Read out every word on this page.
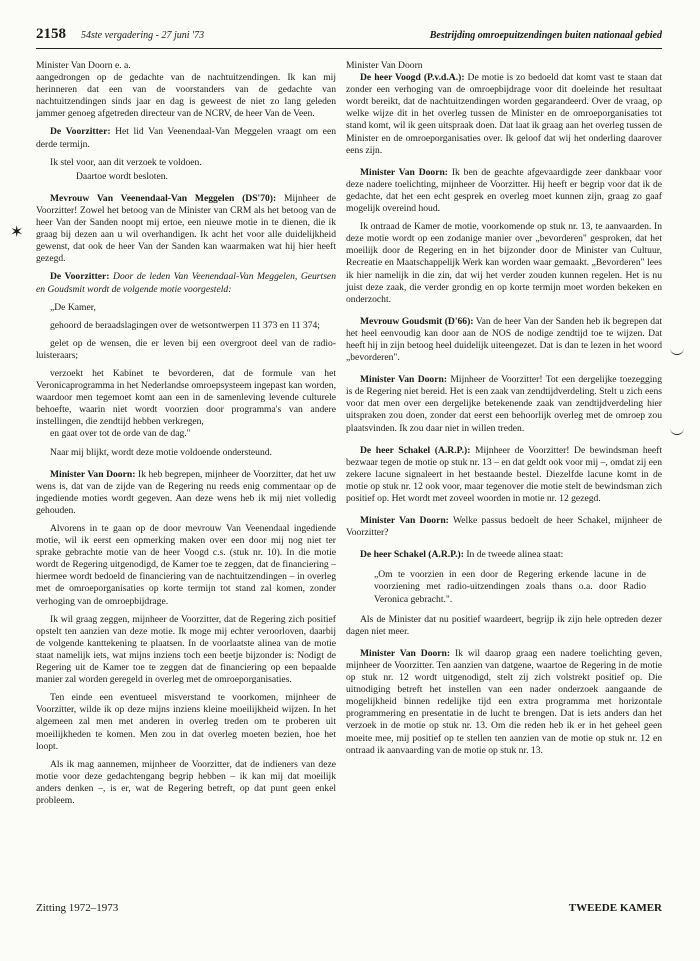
2158 54ste vergadering - 27 juni '73	Bestrijding omroepuitzendingen buiten nationaal gebied
✶

Minister Van Doorn e. a.

aangedrongen op de gedachte van de nachtuitzendingen. Ik kan mij herinneren dat een van de voorstanders van de gedachte van nachtuitzendingen sinds jaar en dag is geweest de niet zo lang geleden jammer genoeg afgetreden directeur van de NCRV, de heer Van de Veen.

De Voorzitter: Het lid Van Veenendaal-Van Meggelen vraagt om een derde termijn.

Ik stel voor, aan dit verzoek te voldoen.

Daartoe wordt besloten.

Mevrouw Van Veenendaal-Van Meggelen (DS'70): Mijnheer de Voorzitter! Zowel het betoog van de Minister van CRM als het betoog van de heer Van der Sanden noopt mij ertoe, een nieuwe motie in te dienen, die ik graag bij dezen aan u wil overhandigen. Ik acht het voor alle duidelijkheid gewenst, dat ook de heer Van der Sanden kan waarmaken wat hij hier heeft gezegd.

De Voorzitter: Door de leden Van Veenendaal-Van Meggelen, Geurtsen en Goudsmit wordt de volgende motie voorgesteld:

„De Kamer,

gehoord de beraadslagingen over de wetsontwerpen 11 373 en 11 374;

gelet op de wensen, die er leven bij een overgroot deel van de radio-luisteraars;

verzoekt het Kabinet te bevorderen, dat de formule van het Veronicaprogramma in het Nederlandse omroepsysteem ingepast kan worden, waardoor men tegemoet komt aan een in de samenleving levende culturele behoefte, waarin niet wordt voorzien door programma's van andere instellingen, die zendtijd hebben verkregen,

en gaat over tot de orde van de dag."

Naar mij blijkt, wordt deze motie voldoende ondersteund.

Minister Van Doorn: Ik heb begrepen, mijnheer de Voorzitter, dat het uw wens is, dat van de zijde van de Regering nu reeds enig commentaar op de ingediende moties wordt gegeven. Aan deze wens heb ik mij niet volledig gehouden.

Alvorens in te gaan op de door mevrouw Van Veenendaal ingediende motie, wil ik eerst een opmerking maken over een door mij nog niet ter sprake gebrachte motie van de heer Voogd c.s. (stuk nr. 10). In die motie wordt de Regering uitgenodigd, de Kamer toe te zeggen, dat de financiering – hiermee wordt bedoeld de financiering van de nachtuitzendingen – in overleg met de omroeporganisaties op korte termijn tot stand zal komen, zonder verhoging van de omroepbijdrage.

Ik wil graag zeggen, mijnheer de Voorzitter, dat de Regering zich positief opstelt ten aanzien van deze motie. Ik moge mij echter veroorloven, daarbij de volgende kanttekening te plaatsen. In de voorlaatste alinea van de motie staat namelijk iets, wat mijns inziens toch een beetje bijzonder is: Nodigt de Regering uit de Kamer toe te zeggen dat de financiering op een bepaalde manier zal worden geregeld in overleg met de omroeporganisaties.

Ten einde een eventueel misverstand te voorkomen, mijnheer de Voorzitter, wilde ik op deze mijns inziens kleine moeilijkheid wijzen. In het algemeen zal men met anderen in overleg treden om te proberen uit moeilijkheden te komen. Men zou in dat overleg moeten bezien, hoe het loopt.

Als ik mag aannemen, mijnheer de Voorzitter, dat de indieners van deze motie voor deze gedachtengang begrip hebben – ik kan mij dat moeilijk anders denken –, is er, wat de Regering betreft, op dat punt geen enkel probleem.

Minister Van Doorn

De heer Voogd (P.v.d.A.): De motie is zo bedoeld dat komt vast te staan dat zonder een verhoging van de omroepbijdrage voor dit doeleinde het resultaat wordt bereikt, dat de nachtuitzendingen worden gegarandeerd. Over de vraag, op welke wijze dit in het overleg tussen de Minister en de omroeporganisaties tot stand komt, wil ik geen uitspraak doen. Dat laat ik graag aan het overleg tussen de Minister en de omroeporganisaties over. Ik geloof dat wij het onderling daarover eens zijn.

Minister Van Doorn: Ik ben de geachte afgevaardigde zeer dankbaar voor deze nadere toelichting, mijnheer de Voorzitter. Hij heeft er begrip voor dat ik de gedachte, dat het een echt gesprek en overleg moet kunnen zijn, graag zo gaaf mogelijk overeind houd.

Ik ontraad de Kamer de motie, voorkomende op stuk nr. 13, te aanvaarden. In deze motie wordt op een zodanige manier over „bevorderen" gesproken, dat het moeilijk door de Regering en in het bijzonder door de Minister van Cultuur, Recreatie en Maatschappelijk Werk kan worden waar gemaakt. „Bevorderen" lees ik hier namelijk in die zin, dat wij het verder zouden kunnen regelen. Het is nu juist deze zaak, die verder grondig en op korte termijn moet worden bekeken en onderzocht.

Mevrouw Goudsmit (D'66): Van de heer Van der Sanden heb ik begrepen dat het heel eenvoudig kan door aan de NOS de nodige zendtijd toe te wijzen. Dat heeft hij in zijn betoog heel duidelijk uiteengezet. Dat is dan te lezen in het woord „bevorderen".

Minister Van Doorn: Mijnheer de Voorzitter! Tot een dergelijke toezegging is de Regering niet bereid. Het is een zaak van zendtijdverdeling. Stelt u zich eens voor dat men over een dergelijke betekenende zaak van zendtijdverdeling hier uitspraken zou doen, zonder dat eerst een behoorlijk overleg met de omroep zou plaatsvinden. Ik zou daar niet in willen treden.

De heer Schakel (A.R.P.): Mijnheer de Voorzitter! De bewindsman heeft bezwaar tegen de motie op stuk nr. 13 – en dat geldt ook voor mij –, omdat zij een zekere lacune signaleert in het bestaande bestel. Diezelfde lacune komt in de motie op stuk nr. 12 ook voor, maar tegenover die motie stelt de bewindsman zich positief op. Het wordt met zoveel woorden in motie nr. 12 gezegd.

Minister Van Doorn: Welke passus bedoelt de heer Schakel, mijnheer de Voorzitter?

De heer Schakel (A.R.P.): In de tweede alinea staat:

„Om te voorzien in een door de Regering erkende lacune in de voorziening met radio-uitzendingen zoals thans o.a. door Radio Veronica gebracht.".

Als de Minister dat nu positief waardeert, begrijp ik zijn hele optreden dezer dagen niet meer.

Minister Van Doorn: Ik wil daarop graag een nadere toelichting geven, mijnheer de Voorzitter. Ten aanzien van datgene, waartoe de Regering in de motie op stuk nr. 12 wordt uitgenodigd, stelt zij zich volstrekt positief op. Die uitnodiging betreft het instellen van een nader onderzoek aangaande de mogelijkheid binnen redelijke tijd een extra programma met horizontale programmering en presentatie in de lucht te brengen. Dat is iets anders dan het verzoek in de motie op stuk nr. 13. Om die reden heb ik er in het geheel geen moeite mee, mij positief op te stellen ten aanzien van de motie op stuk nr. 12 en ontraad ik aanvaarding van de motie op stuk nr. 13.

Zitting 1972–1973	TWEEDE KAMER
